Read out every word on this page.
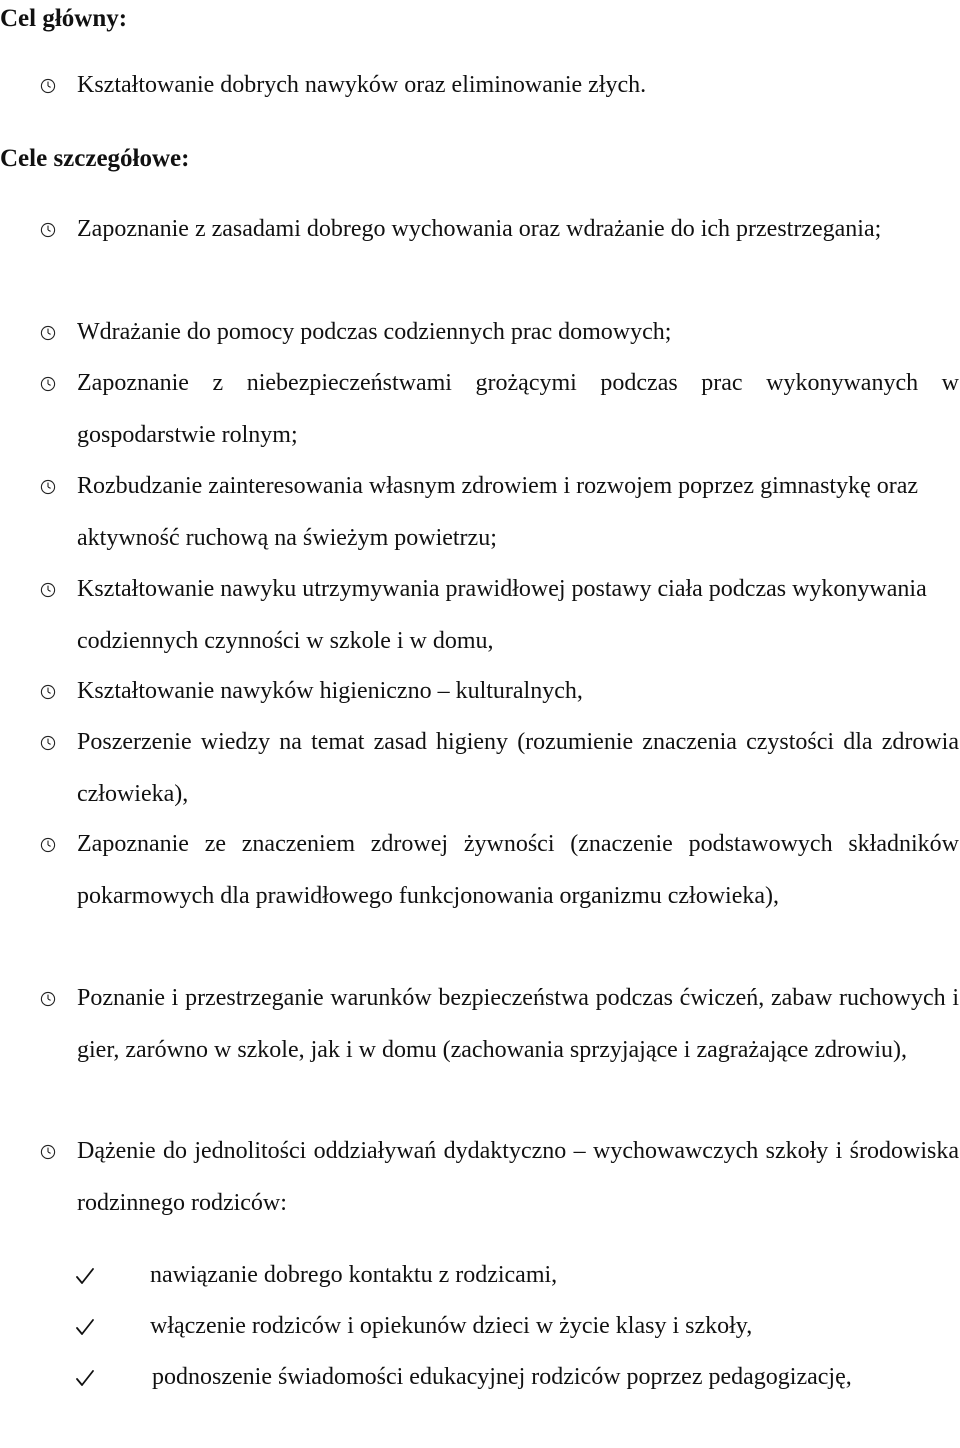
Cel główny:

Kształtowanie dobrych nawyków oraz eliminowanie złych.

Cele szczegółowe:

Zapoznanie z zasadami dobrego wychowania oraz wdrażanie do ich przestrzegania;

Wdrażanie do pomocy podczas codziennych prac domowych;

Zapoznanie z niebezpieczeństwami grożącymi podczas prac wykonywanych w gospodarstwie rolnym;

Rozbudzanie zainteresowania własnym zdrowiem i rozwojem poprzez gimnastykę oraz aktywność ruchową na świeżym powietrzu;

Kształtowanie nawyku utrzymywania prawidłowej postawy ciała podczas wykonywania codziennych czynności w szkole i w domu,

Kształtowanie nawyków higieniczno – kulturalnych,

Poszerzenie wiedzy na temat zasad higieny (rozumienie znaczenia czystości dla zdrowia człowieka),

Zapoznanie ze znaczeniem zdrowej żywności (znaczenie podstawowych składników pokarmowych dla prawidłowego funkcjonowania organizmu człowieka),

Poznanie i przestrzeganie warunków bezpieczeństwa podczas ćwiczeń, zabaw ruchowych i gier, zarówno w szkole, jak i w domu (zachowania sprzyjające i zagrażające zdrowiu),

Dążenie do jednolitości oddziaływań dydaktyczno – wychowawczych szkoły i środowiska rodzinnego rodziców:

nawiązanie dobrego kontaktu z rodzicami,

włączenie rodziców i opiekunów dzieci w życie klasy i szkoły,

podnoszenie świadomości edukacyjnej rodziców poprzez pedagogizację,
